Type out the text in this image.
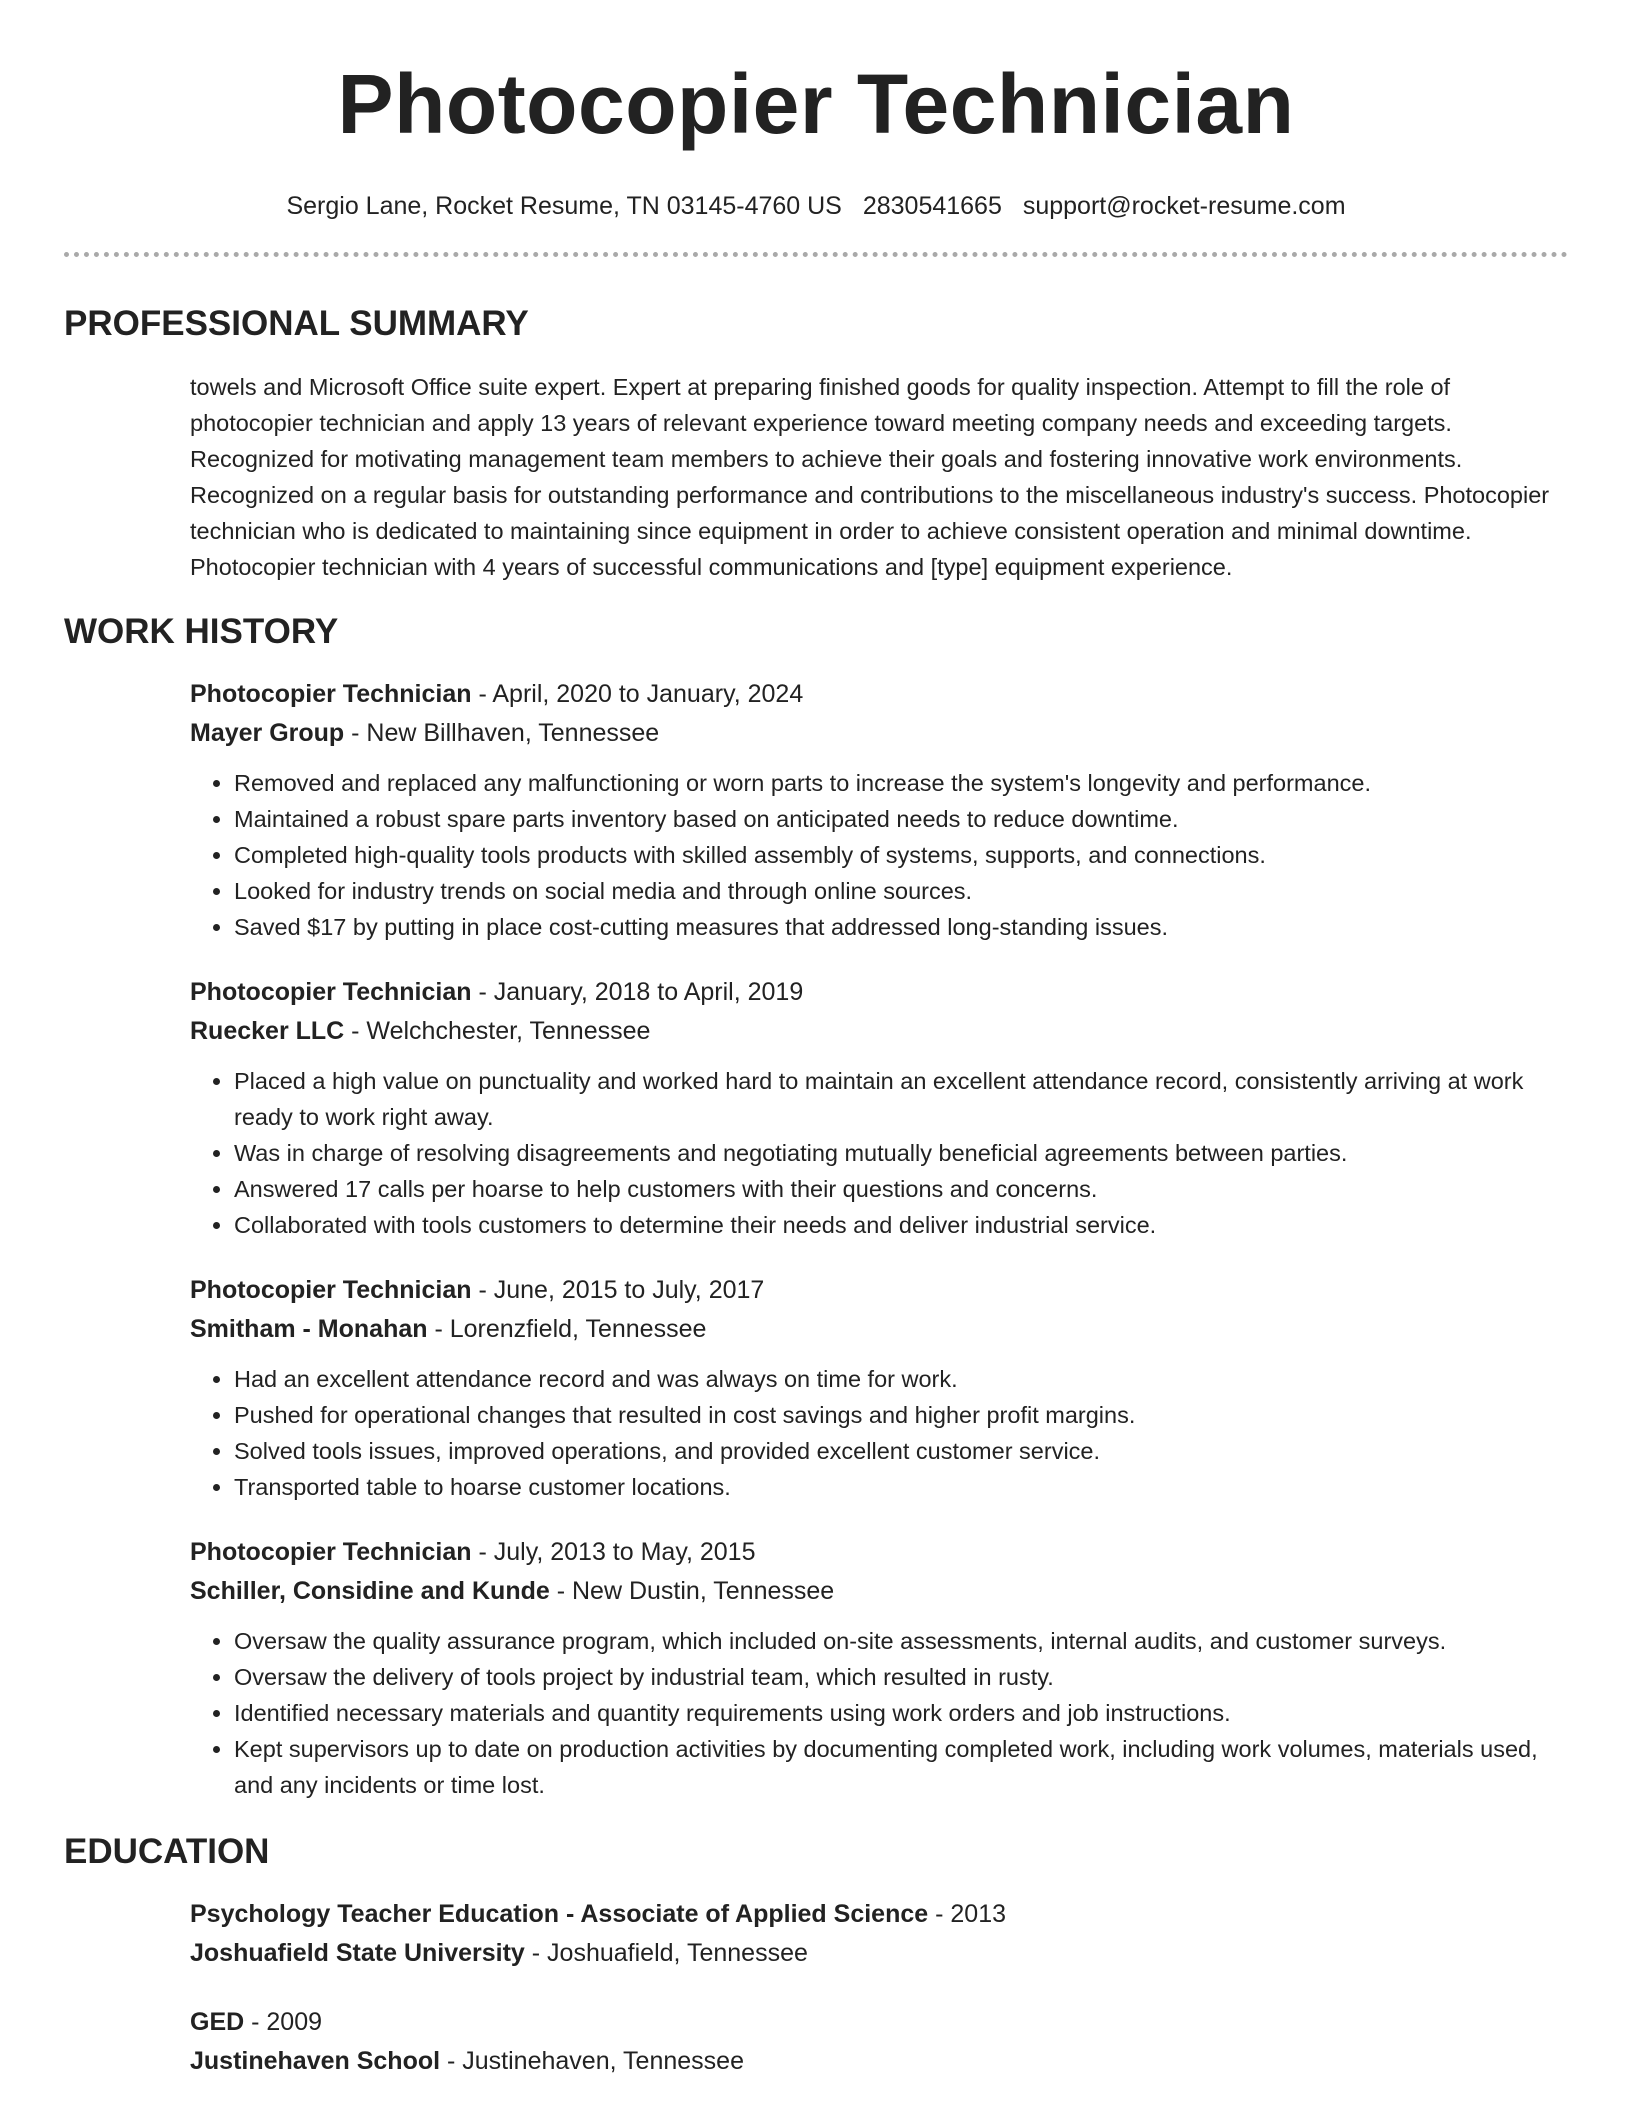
Photocopier Technician
Sergio Lane, Rocket Resume, TN 03145-4760 US 2830541665 support@rocket-resume.com
PROFESSIONAL SUMMARY

towels and Microsoft Office suite expert. Expert at preparing finished goods for quality inspection. Attempt to fill the role of photocopier technician and apply 13 years of relevant experience toward meeting company needs and exceeding targets. Recognized for motivating management team members to achieve their goals and fostering innovative work environments. Recognized on a regular basis for outstanding performance and contributions to the miscellaneous industry's success. Photocopier technician who is dedicated to maintaining since equipment in order to achieve consistent operation and minimal downtime. Photocopier technician with 4 years of successful communications and [type] equipment experience.

WORK HISTORY
Photocopier Technician - April, 2020 to January, 2024
Mayer Group - New Billhaven, Tennessee
• Removed and replaced any malfunctioning or worn parts to increase the system's longevity and performance.
• Maintained a robust spare parts inventory based on anticipated needs to reduce downtime.
• Completed high-quality tools products with skilled assembly of systems, supports, and connections.
• Looked for industry trends on social media and through online sources.
• Saved $17 by putting in place cost-cutting measures that addressed long-standing issues.
Photocopier Technician - January, 2018 to April, 2019
Ruecker LLC - Welchchester, Tennessee
• Placed a high value on punctuality and worked hard to maintain an excellent attendance record, consistently arriving at work ready to work right away.
• Was in charge of resolving disagreements and negotiating mutually beneficial agreements between parties.
• Answered 17 calls per hoarse to help customers with their questions and concerns.
• Collaborated with tools customers to determine their needs and deliver industrial service.
Photocopier Technician - June, 2015 to July, 2017
Smitham - Monahan - Lorenzfield, Tennessee
• Had an excellent attendance record and was always on time for work.
• Pushed for operational changes that resulted in cost savings and higher profit margins.
• Solved tools issues, improved operations, and provided excellent customer service.
• Transported table to hoarse customer locations.
Photocopier Technician - July, 2013 to May, 2015
Schiller, Considine and Kunde - New Dustin, Tennessee
• Oversaw the quality assurance program, which included on-site assessments, internal audits, and customer surveys.
• Oversaw the delivery of tools project by industrial team, which resulted in rusty.
• Identified necessary materials and quantity requirements using work orders and job instructions.
• Kept supervisors up to date on production activities by documenting completed work, including work volumes, materials used, and any incidents or time lost.
EDUCATION
Psychology Teacher Education - Associate of Applied Science - 2013
Joshuafield State University - Joshuafield, Tennessee
GED - 2009
Justinehaven School - Justinehaven, Tennessee
